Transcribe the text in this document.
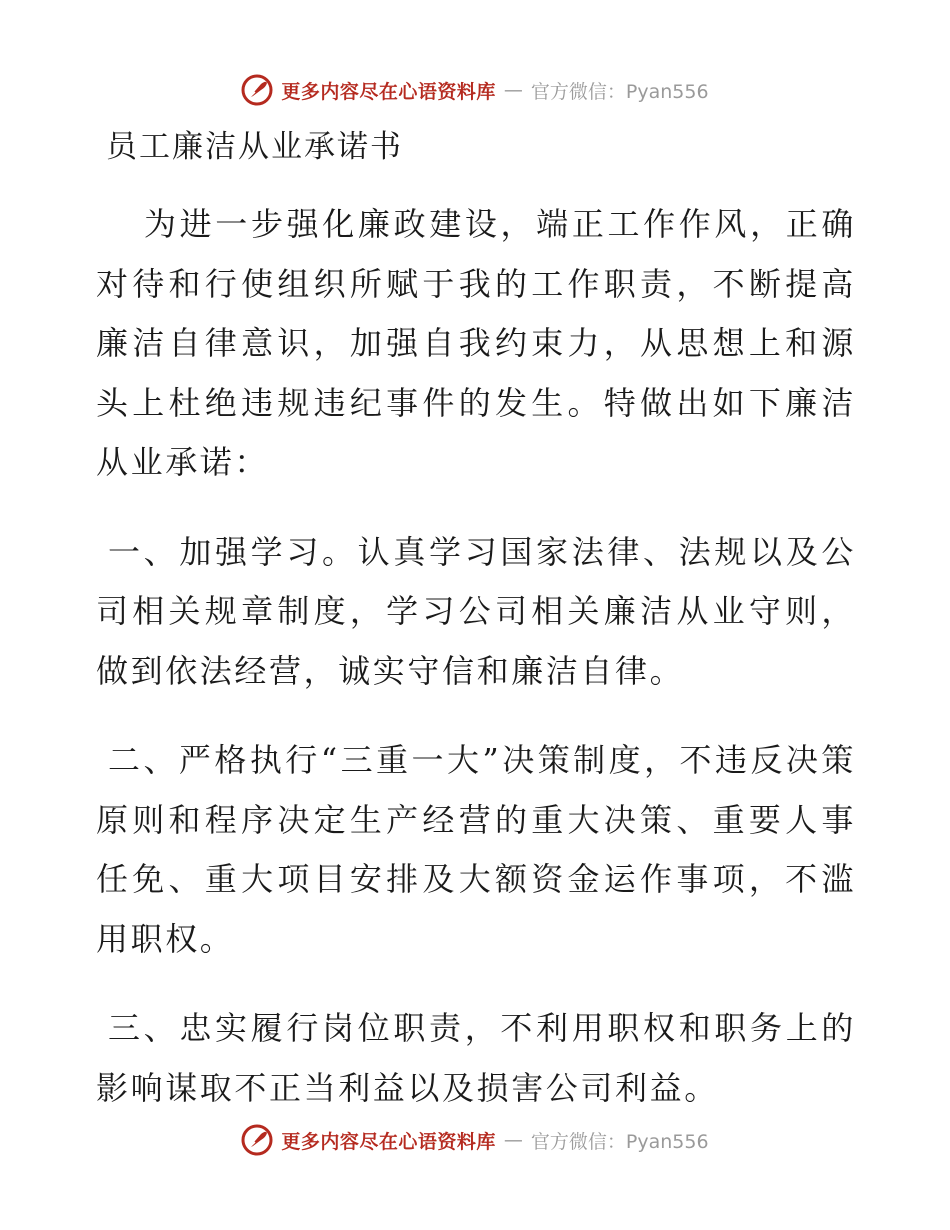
更多内容尽在心语资料库 — 官方微信：Pyan556
员工廉洁从业承诺书

为进一步强化廉政建设，端正工作作风，正确对待和行使组织所赋于我的工作职责，不断提高廉洁自律意识，加强自我约束力，从思想上和源头上杜绝违规违纪事件的发生。特做出如下廉洁从业承诺：

一、加强学习。认真学习国家法律、法规以及公司相关规章制度，学习公司相关廉洁从业守则，做到依法经营，诚实守信和廉洁自律。

二、严格执行“三重一大”决策制度，不违反决策原则和程序决定生产经营的重大决策、重要人事任免、重大项目安排及大额资金运作事项，不滥用职权。

三、忠实履行岗位职责，不利用职权和职务上的影响谋取不正当利益以及损害公司利益。

更多内容尽在心语资料库 — 官方微信：Pyan556
